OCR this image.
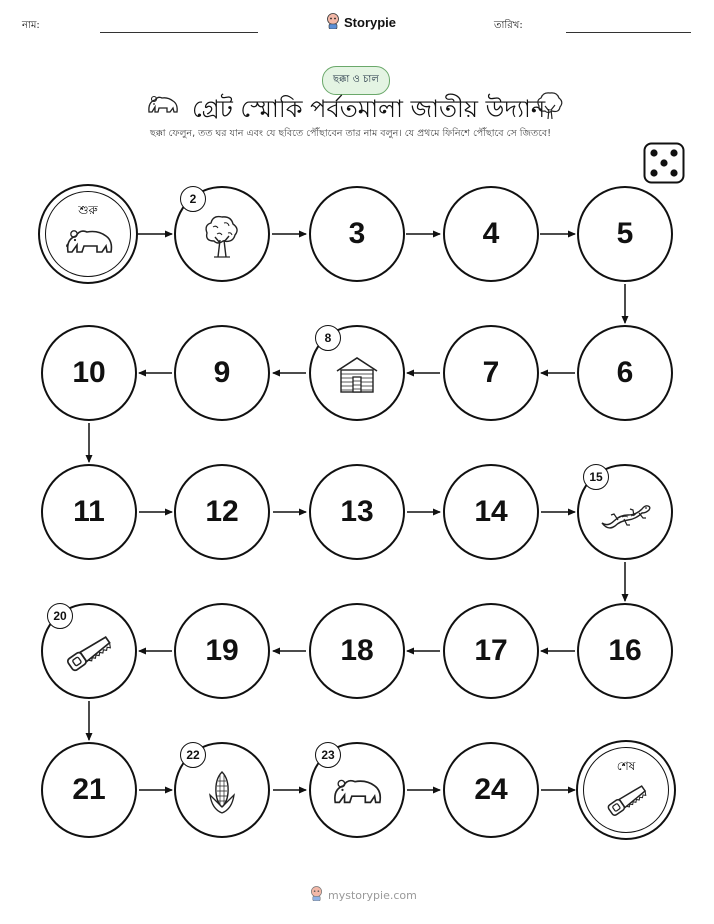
নাম:	Storypie	তারিখ:
ছক্কা ও চাল
গ্রেট স্মোকি পর্বতমালা জাতীয় উদ্যান
ছক্কা ফেলুন, তত ঘর যান এবং যে ছবিতে পৌঁছাবেন তার নাম বলুন। যে প্রথমে ফিনিশে পৌঁছাবে সে জিতবে!
শুরু
2
3	4	5
6
7
8
9
10
11	12	13	14
15
16
17
18
19
20
21
22	23
24
শেষ
mystorypie.com
